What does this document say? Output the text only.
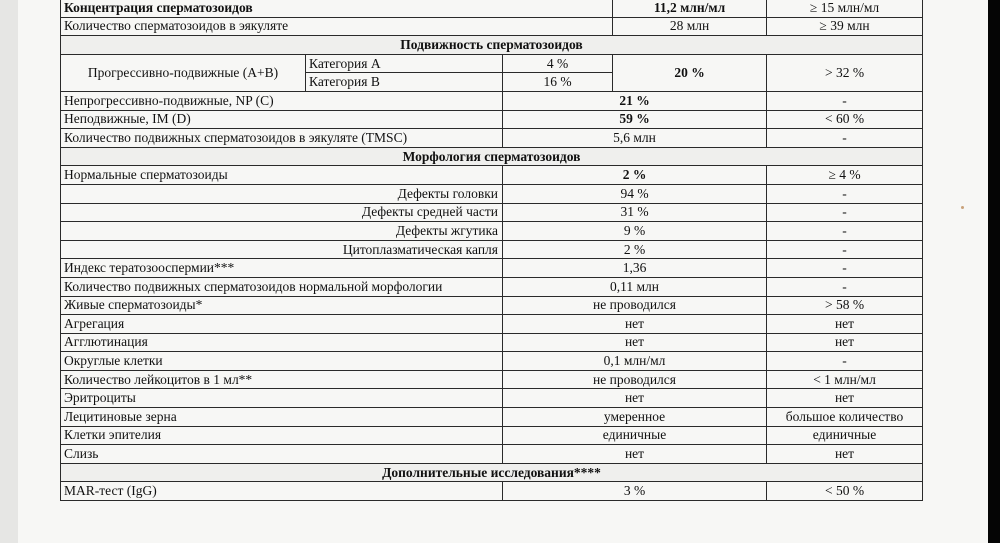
Концентрация сперматозоидов			11,2 млн/мл	≥ 15 млн/мл
Количество сперматозоидов в эякуляте			28 млн	≥ 39 млн
Подвижность сперматозоидов				
Прогрессивно-подвижные (А+В)	Категория А	4 %	20 %	> 32 %
	Категория В	16 %		
Непрогрессивно-подвижные, NP (C)		21 %		-
Неподвижные, IM (D)		59 %		< 60 %
Количество подвижных сперматозоидов в эякуляте (TMSC)		5,6 млн		-
Морфология сперматозоидов				
Нормальные сперматозоиды		2 %		≥ 4 %
Дефекты головки		94 %		-
Дефекты средней части		31 %		-
Дефекты жгутика		9 %		-
Цитоплазматическая капля		2 %		-
Индекс тератозооспермии***		1,36		-
Количество подвижных сперматозоидов нормальной морфологии		0,11 млн		-
Живые сперматозоиды*		не проводился		> 58 %
Агрегация		нет		нет
Агглютинация		нет		нет
Округлые клетки		0,1 млн/мл		-
Количество лейкоцитов в 1 мл**		не проводился		< 1 млн/мл
Эритроциты		нет		нет
Лецитиновые зерна		умеренное		большое количество
Клетки эпителия		единичные		единичные
Слизь		нет		нет
Дополнительные исследования****				
MAR-тест (IgG)		3 %		< 50 %
